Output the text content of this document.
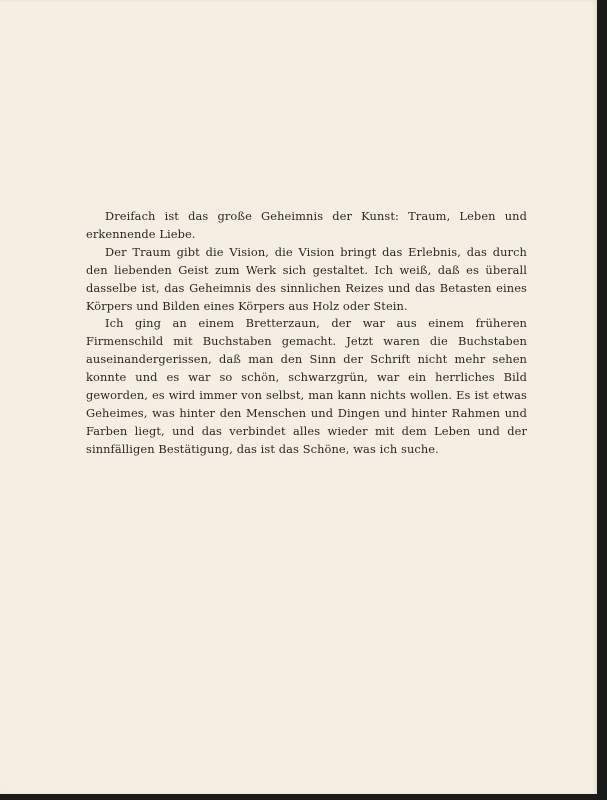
Dreifach ist das große Geheimnis der Kunst: Traum, Leben und erkennende Liebe.

Der Traum gibt die Vision, die Vision bringt das Erlebnis, das durch den liebenden Geist zum Werk sich gestaltet. Ich weiß, daß es überall dasselbe ist, das Geheimnis des sinnlichen Reizes und das Betasten eines Körpers und Bilden eines Körpers aus Holz oder Stein.

Ich ging an einem Bretterzaun, der war aus einem früheren Firmenschild mit Buchstaben gemacht. Jetzt waren die Buchstaben auseinandergerissen, daß man den Sinn der Schrift nicht mehr sehen konnte und es war so schön, schwarzgrün, war ein herrliches Bild geworden, es wird immer von selbst, man kann nichts wollen. Es ist etwas Geheimes, was hinter den Menschen und Dingen und hinter Rahmen und Farben liegt, und das verbindet alles wieder mit dem Leben und der sinnfälligen Bestätigung, das ist das Schöne, was ich suche.
